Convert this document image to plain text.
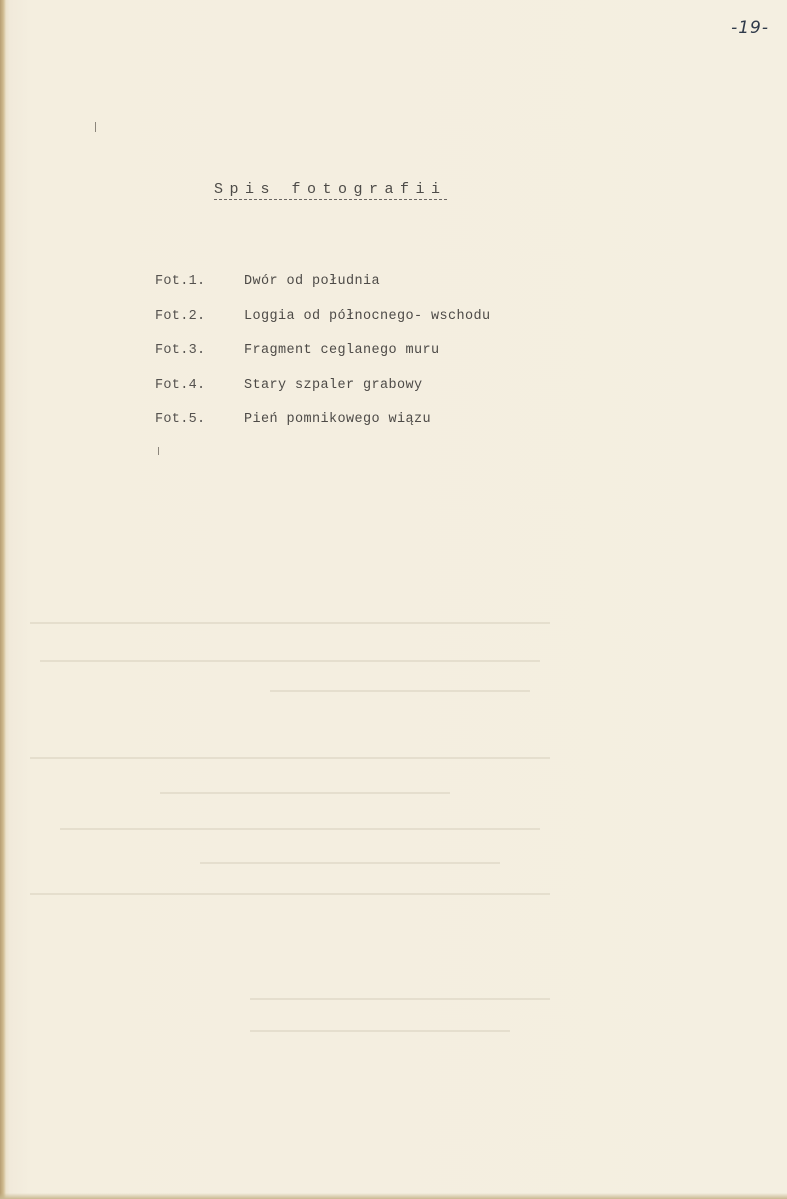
-19-
Spis fotografii
Fot.1.	Dwór od południa
Fot.2.	Loggia od północnego- wschodu
Fot.3.	Fragment ceglanego muru
Fot.4.	Stary szpaler grabowy
Fot.5.	Pień pomnikowego wiązu
